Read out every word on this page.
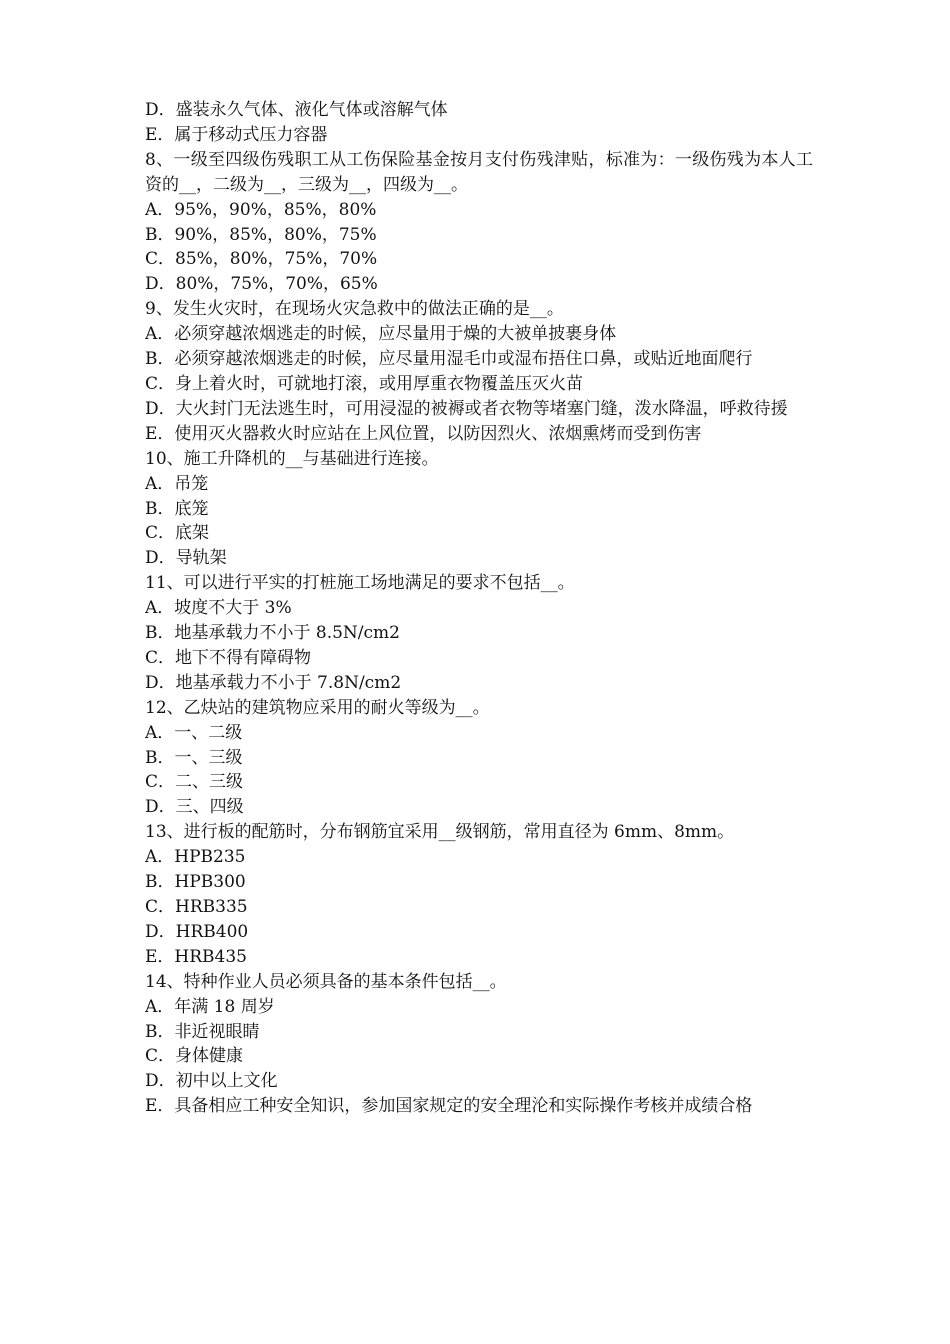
D．盛装永久气体、液化气体或溶解气体
E．属于移动式压力容器
8、一级至四级伤残职工从工伤保险基金按月支付伤残津贴，标准为：一级伤残为本人工资的__，二级为__，三级为__，四级为__。
A．95%，90%，85%，80%
B．90%，85%，80%，75%
C．85%，80%，75%，70%
D．80%，75%，70%，65%
9、发生火灾时，在现场火灾急救中的做法正确的是__。
A．必须穿越浓烟逃走的时候，应尽量用于燥的大被单披裹身体
B．必须穿越浓烟逃走的时候，应尽量用湿毛巾或湿布捂住口鼻，或贴近地面爬行
C．身上着火时，可就地打滚，或用厚重衣物覆盖压灭火苗
D．大火封门无法逃生时，可用浸湿的被褥或者衣物等堵塞门缝，泼水降温，呼救待援
E．使用灭火器救火时应站在上风位置，以防因烈火、浓烟熏烤而受到伤害
10、施工升降机的__与基础进行连接。
A．吊笼
B．底笼
C．底架
D．导轨架
11、可以进行平实的打桩施工场地满足的要求不包括__。
A．坡度不大于 3%
B．地基承载力不小于 8.5N/cm2
C．地下不得有障碍物
D．地基承载力不小于 7.8N/cm2
12、乙炔站的建筑物应采用的耐火等级为__。
A．一、二级
B．一、三级
C．二、三级
D．三、四级
13、进行板的配筋时，分布钢筋宜采用__级钢筋，常用直径为 6mm、8mm。
A．HPB235
B．HPB300
C．HRB335
D．HRB400
E．HRB435
14、特种作业人员必须具备的基本条件包括__。
A．年满 18 周岁
B．非近视眼睛
C．身体健康
D．初中以上文化
E．具备相应工种安全知识，参加国家规定的安全理沦和实际操作考核并成绩合格
